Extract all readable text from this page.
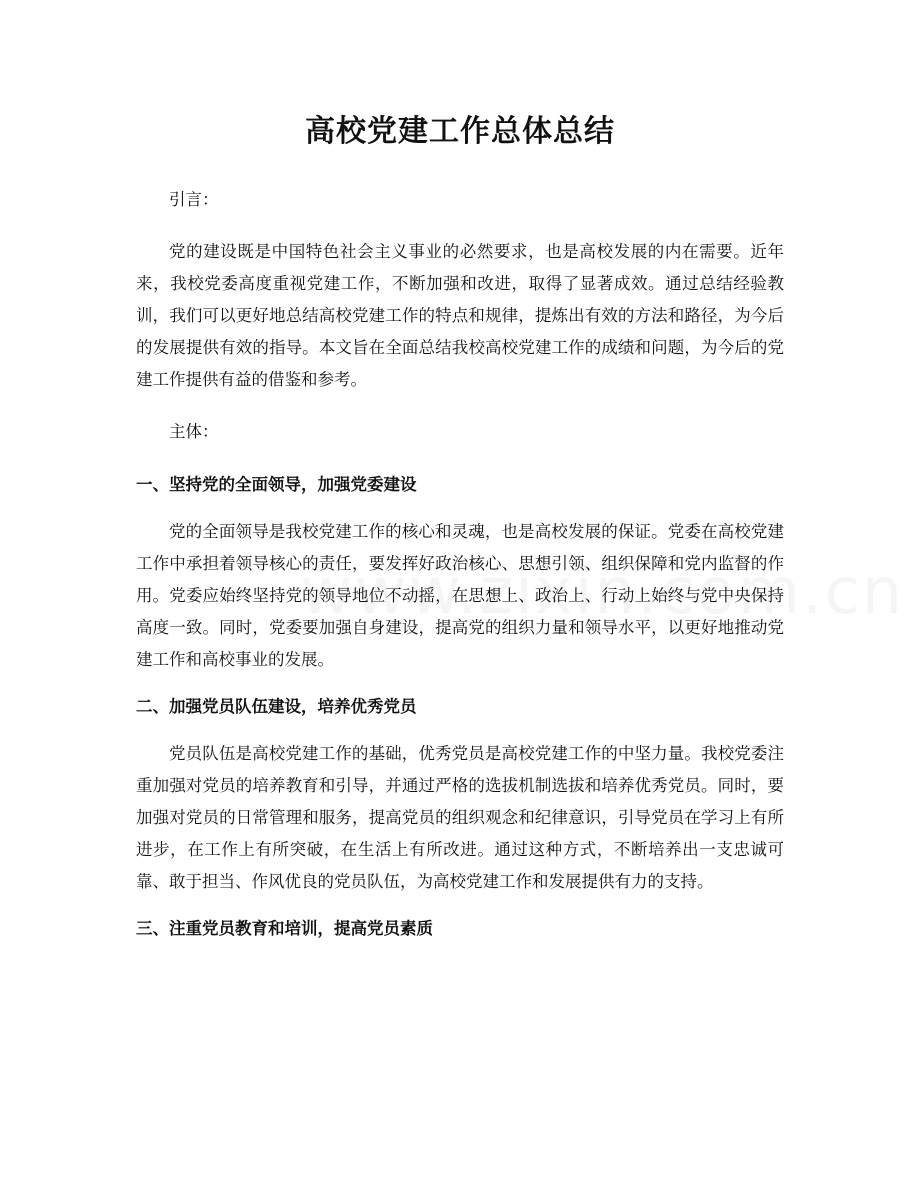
高校党建工作总体总结

引言：

党的建设既是中国特色社会主义事业的必然要求，也是高校发展的内在需要。近年来，我校党委高度重视党建工作，不断加强和改进，取得了显著成效。通过总结经验教训，我们可以更好地总结高校党建工作的特点和规律，提炼出有效的方法和路径，为今后的发展提供有效的指导。本文旨在全面总结我校高校党建工作的成绩和问题，为今后的党建工作提供有益的借鉴和参考。

主体：

一、坚持党的全面领导，加强党委建设

党的全面领导是我校党建工作的核心和灵魂，也是高校发展的保证。党委在高校党建工作中承担着领导核心的责任，要发挥好政治核心、思想引领、组织保障和党内监督的作用。党委应始终坚持党的领导地位不动摇，在思想上、政治上、行动上始终与党中央保持高度一致。同时，党委要加强自身建设，提高党的组织力量和领导水平，以更好地推动党建工作和高校事业的发展。

二、加强党员队伍建设，培养优秀党员

党员队伍是高校党建工作的基础，优秀党员是高校党建工作的中坚力量。我校党委注重加强对党员的培养教育和引导，并通过严格的选拔机制选拔和培养优秀党员。同时，要加强对党员的日常管理和服务，提高党员的组织观念和纪律意识，引导党员在学习上有所进步，在工作上有所突破，在生活上有所改进。通过这种方式，不断培养出一支忠诚可靠、敢于担当、作风优良的党员队伍，为高校党建工作和发展提供有力的支持。

三、注重党员教育和培训，提高党员素质
